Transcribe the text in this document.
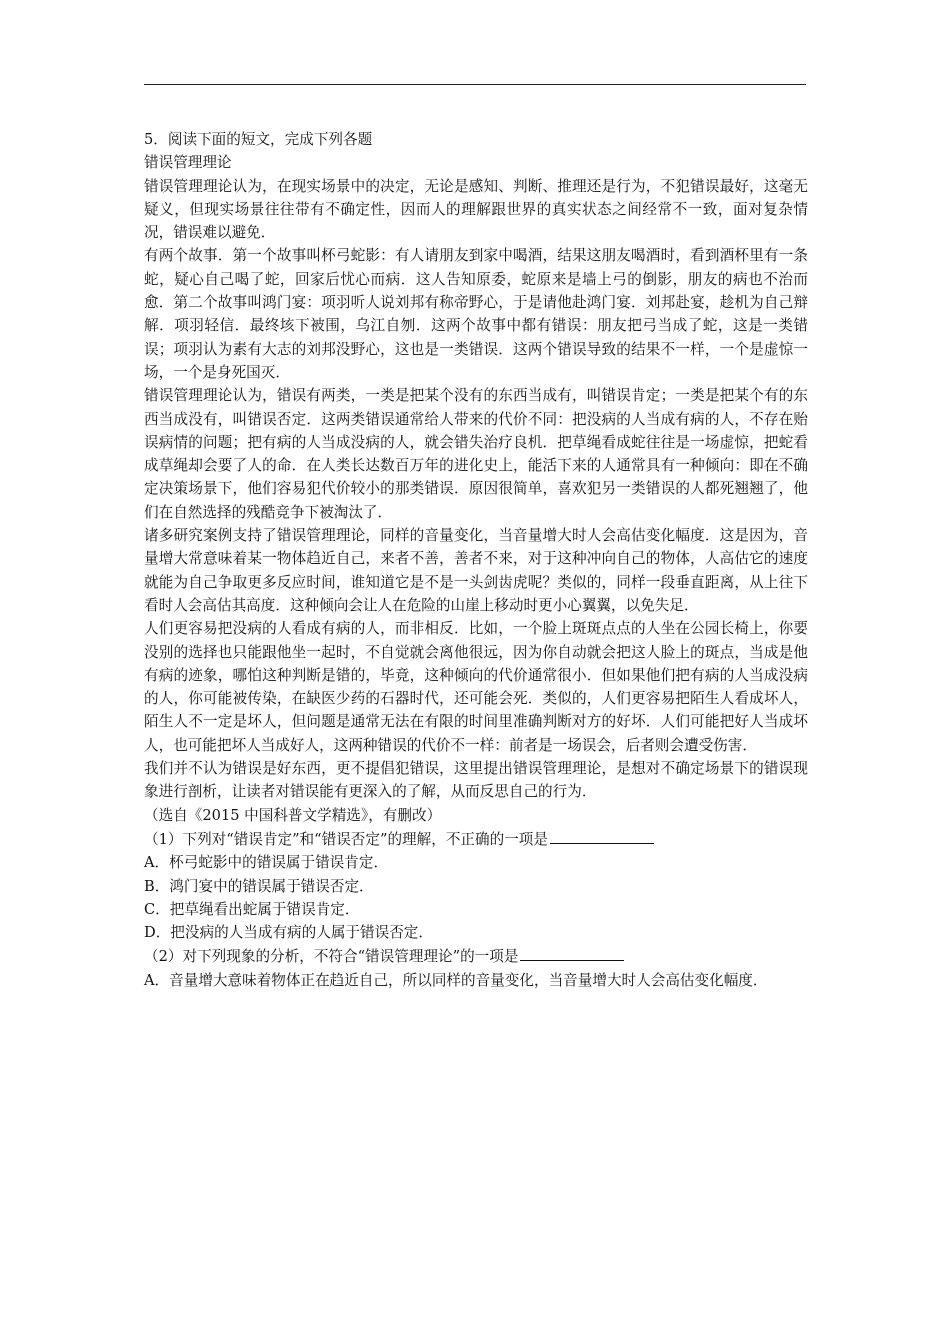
5．阅读下面的短文，完成下列各题

错误管理理论

错误管理理论认为，在现实场景中的决定，无论是感知、判断、推理还是行为，不犯错误最好，这毫无疑义，但现实场景往往带有不确定性，因而人的理解跟世界的真实状态之间经常不一致，面对复杂情况，错误难以避免．

有两个故事．第一个故事叫杯弓蛇影：有人请朋友到家中喝酒，结果这朋友喝酒时，看到酒杯里有一条蛇，疑心自己喝了蛇，回家后忧心而病．这人告知原委，蛇原来是墙上弓的倒影，朋友的病也不治而愈．第二个故事叫鸿门宴：项羽听人说刘邦有称帝野心，于是请他赴鸿门宴．刘邦赴宴，趁机为自己辩解．项羽轻信．最终垓下被围，乌江自刎．这两个故事中都有错误：朋友把弓当成了蛇，这是一类错误；项羽认为素有大志的刘邦没野心，这也是一类错误．这两个错误导致的结果不一样，一个是虚惊一场，一个是身死国灭．

错误管理理论认为，错误有两类，一类是把某个没有的东西当成有，叫错误肯定；一类是把某个有的东西当成没有，叫错误否定．这两类错误通常给人带来的代价不同：把没病的人当成有病的人，不存在贻误病情的问题；把有病的人当成没病的人，就会错失治疗良机．把草绳看成蛇往往是一场虚惊，把蛇看成草绳却会要了人的命．在人类长达数百万年的进化史上，能活下来的人通常具有一种倾向：即在不确定决策场景下，他们容易犯代价较小的那类错误．原因很简单，喜欢犯另一类错误的人都死翘翘了，他们在自然选择的残酷竞争下被淘汰了．

诸多研究案例支持了错误管理理论，同样的音量变化，当音量增大时人会高估变化幅度．这是因为，音量增大常意味着某一物体趋近自己，来者不善，善者不来，对于这种冲向自己的物体，人高估它的速度就能为自己争取更多反应时间，谁知道它是不是一头剑齿虎呢？类似的，同样一段垂直距离，从上往下看时人会高估其高度．这种倾向会让人在危险的山崖上移动时更小心翼翼，以免失足．

人们更容易把没病的人看成有病的人，而非相反．比如，一个脸上斑斑点点的人坐在公园长椅上，你要没别的选择也只能跟他坐一起时，不自觉就会离他很远，因为你自动就会把这人脸上的斑点，当成是他有病的迹象，哪怕这种判断是错的，毕竟，这种倾向的代价通常很小．但如果他们把有病的人当成没病的人，你可能被传染，在缺医少药的石器时代，还可能会死．类似的，人们更容易把陌生人看成坏人，陌生人不一定是坏人，但问题是通常无法在有限的时间里准确判断对方的好坏．人们可能把好人当成坏人，也可能把坏人当成好人，这两种错误的代价不一样：前者是一场误会，后者则会遭受伤害．

我们并不认为错误是好东西，更不提倡犯错误，这里提出错误管理理论，是想对不确定场景下的错误现象进行剖析，让读者对错误能有更深入的了解，从而反思自己的行为．

（选自《2015 中国科普文学精选》，有删改）

（1）下列对“错误肯定”和“错误否定”的理解，不正确的一项是

A．杯弓蛇影中的错误属于错误肯定．

B．鸿门宴中的错误属于错误否定．

C．把草绳看出蛇属于错误肯定．

D．把没病的人当成有病的人属于错误否定．

（2）对下列现象的分析，不符合“错误管理理论”的一项是

A．音量增大意味着物体正在趋近自己，所以同样的音量变化，当音量增大时人会高估变化幅度．
